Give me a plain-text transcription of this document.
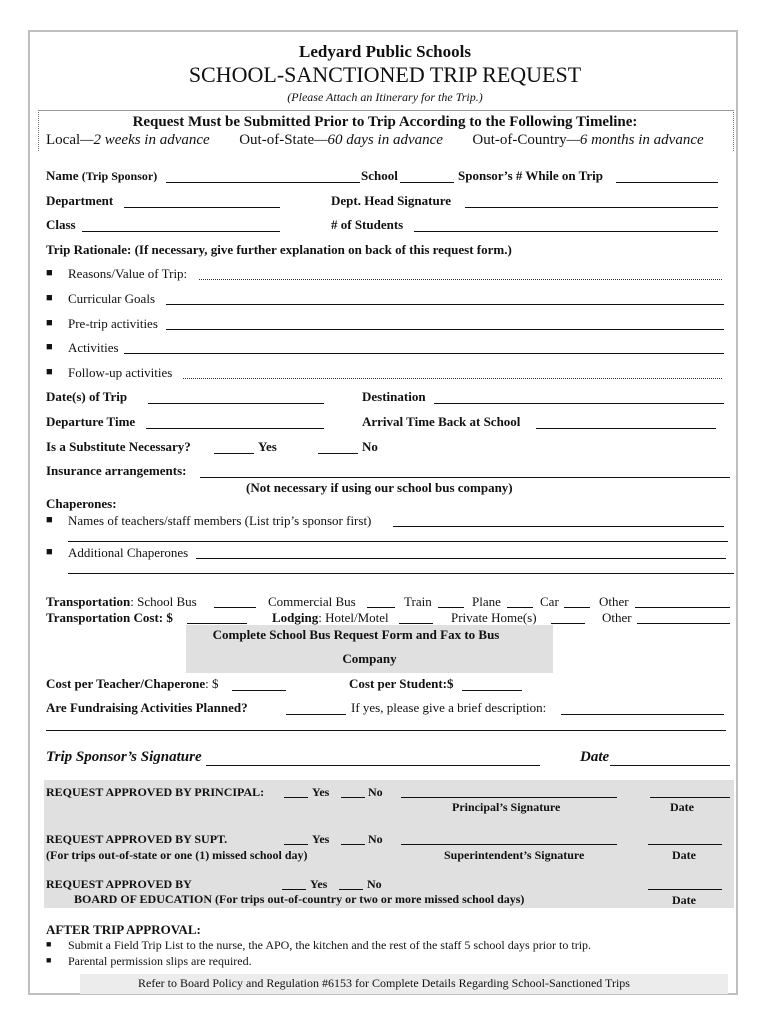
Ledyard Public Schools
SCHOOL-SANCTIONED TRIP REQUEST
(Please Attach an Itinerary for the Trip.)
Request Must be Submitted Prior to Trip According to the Following Timeline:
Local—2 weeks in advance Out-of-State—60 days in advance Out-of-Country—6 months in advance
Name (Trip Sponsor)	School	Sponsor’s # While on Trip
Department	Dept. Head Signature
Class	# of Students
Trip Rationale: (If necessary, give further explanation on back of this request form.)
■ Reasons/Value of Trip:
■ Curricular Goals
■ Pre-trip activities
■ Activities
■ Follow-up activities
Date(s) of Trip	Destination
Departure Time	Arrival Time Back at School
Is a Substitute Necessary?	Yes	No
Insurance arrangements:
(Not necessary if using our school bus company)
Chaperones:
■ Names of teachers/staff members (List trip’s sponsor first)
■ Additional Chaperones
Transportation: School Bus	Commercial Bus	Train	Plane	Car	Other
Transportation Cost: $	Lodging: Hotel/Motel	Private Home(s)	Other
Complete School Bus Request Form and Fax to Bus
Company
Cost per Teacher/Chaperone: $	Cost per Student:$
Are Fundraising Activities Planned?	If yes, please give a brief description:
Trip Sponsor’s Signature	Date
REQUEST APPROVED BY PRINCIPAL:	Yes	No
Principal’s Signature	Date
REQUEST APPROVED BY SUPT.	Yes	No
(For trips out-of-state or one (1) missed school day)	Superintendent’s Signature	Date
REQUEST APPROVED BY	Yes	No
BOARD OF EDUCATION (For trips out-of-country or two or more missed school days)	Date
AFTER TRIP APPROVAL:
■ Submit a Field Trip List to the nurse, the APO, the kitchen and the rest of the staff 5 school days prior to trip.
■ Parental permission slips are required.
Refer to Board Policy and Regulation #6153 for Complete Details Regarding School-Sanctioned Trips
